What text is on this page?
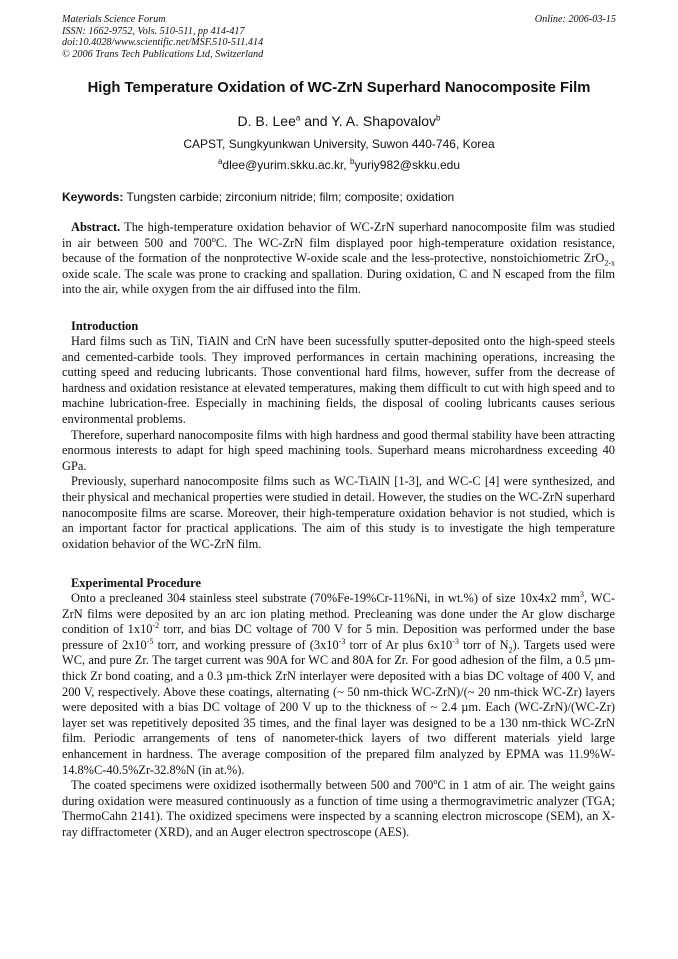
Materials Science Forum
ISSN: 1662-9752, Vols. 510-511, pp 414-417
doi:10.4028/www.scientific.net/MSF.510-511.414
© 2006 Trans Tech Publications Ltd, Switzerland
Online: 2006-03-15
High Temperature Oxidation of WC-ZrN Superhard Nanocomposite Film
D. B. Lee$^a$ and Y. A. Shapovalov$^b$
CAPST, Sungkyunkwan University, Suwon 440-746, Korea
$^a$dlee@yurim.skku.ac.kr, $^b$yuriy982@skku.edu
Keywords: Tungsten carbide; zirconium nitride; film; composite; oxidation

Abstract. The high-temperature oxidation behavior of WC-ZrN superhard nanocomposite film was studied in air between 500 and 700$^o$C. The WC-ZrN film displayed poor high-temperature oxidation resistance, because of the formation of the nonprotective W-oxide scale and the less-protective, nonstoichiometric ZrO$_{2-x}$ oxide scale. The scale was prone to cracking and spallation. During oxidation, C and N escaped from the film into the air, while oxygen from the air diffused into the film.

Introduction

Hard films such as TiN, TiAlN and CrN have been sucessfully sputter-deposited onto the high-speed steels and cemented-carbide tools. They improved performances in certain machining operations, increasing the cutting speed and reducing lubricants. Those conventional hard films, however, suffer from the decrease of hardness and oxidation resistance at elevated temperatures, making them difficult to cut with high speed and to machine lubrication-free. Especially in machining fields, the disposal of cooling lubricants causes serious environmental problems.

Therefore, superhard nanocomposite films with high hardness and good thermal stability have been attracting enormous interests to adapt for high speed machining tools. Superhard means microhardness exceeding 40 GPa.

Previously, superhard nanocomposite films such as WC-TiAlN [1-3], and WC-C [4] were synthesized, and their physical and mechanical properties were studied in detail. However, the studies on the WC-ZrN superhard nanocomposite films are scarse. Moreover, their high-temperature oxidation behavior is not studied, which is an important factor for practical applications. The aim of this study is to investigate the high temperature oxidation behavior of the WC-ZrN film.

Experimental Procedure

Onto a precleaned 304 stainless steel substrate (70%Fe-19%Cr-11%Ni, in wt.%) of size 10x4x2 $mm^3$, WC-ZrN films were deposited by an arc ion plating method. Precleaning was done under the Ar glow discharge condition of $1x10^{-2}$ torr, and bias DC voltage of 700 V for 5 min. Deposition was performed under the base pressure of $2x10^{-5}$ torr, and working pressure of ($3x10^{-3}$ torr of Ar plus $6x10^{-3}$ torr of $N_2$). Targets used were WC, and pure Zr. The target current was 90A for WC and 80A for Zr. For good adhesion of the film, a 0.5 µm-thick Zr bond coating, and a 0.3 µm-thick ZrN interlayer were deposited with a bias DC voltage of 400 V, and 200 V, respectively. Above these coatings, alternating (~ 50 nm-thick WC-ZrN)/(~ 20 nm-thick WC-Zr) layers were deposited with a bias DC voltage of 200 V up to the thickness of ~ 2.4 µm. Each (WC-ZrN)/(WC-Zr) layer set was repetitively deposited 35 times, and the final layer was designed to be a 130 nm-thick WC-ZrN film. Periodic arrangements of tens of nanometer-thick layers of two different materials yield large enhancement in hardness. The average composition of the prepared film analyzed by EPMA was 11.9%W-14.8%C-40.5%Zr-32.8%N (in at.%).

The coated specimens were oxidized isothermally between 500 and 700$^o$C in 1 atm of air. The weight gains during oxidation were measured continuously as a function of time using a thermogravimetric analyzer (TGA; ThermoCahn 2141). The oxidized specimens were inspected by a scanning electron microscope (SEM), an X-ray diffractometer (XRD), and an Auger electron spectroscope (AES).
